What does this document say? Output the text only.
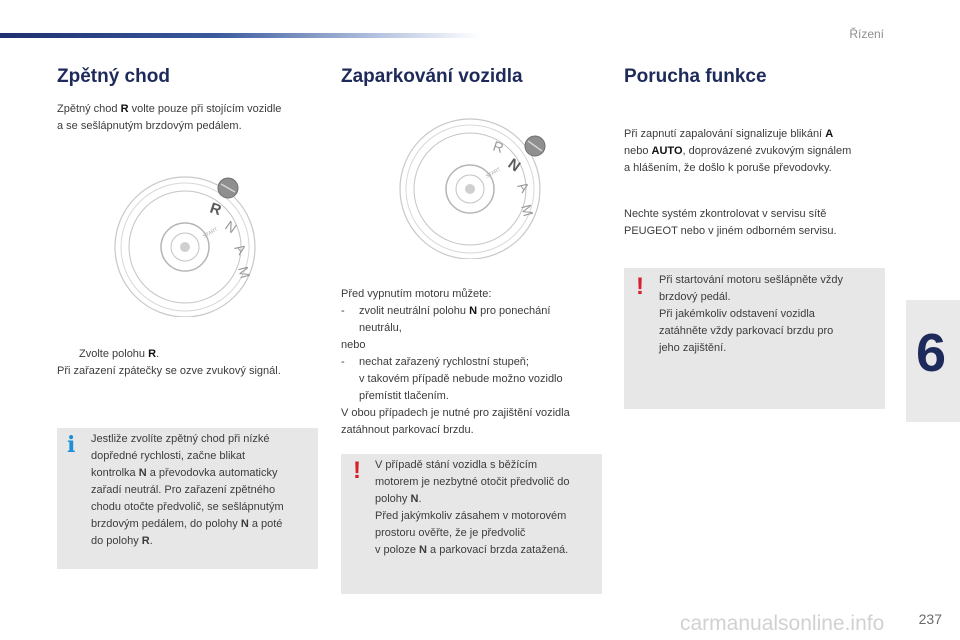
Řízení
6
Zpětný chod
Zpětný chod R volte pouze při stojícím vozidle
a se sešlápnutým brzdovým pedálem.
R
N
A
M
START
Zvolte polohu R.
Při zařazení zpátečky se ozve zvukový signál.
i Jestliže zvolíte zpětný chod při nízké
dopředné rychlosti, začne blikat
kontrolka N a převodovka automaticky
zařadí neutrál. Pro zařazení zpětného
chodu otočte předvolič, se sešlápnutým
brzdovým pedálem, do polohy N a poté
do polohy R.
Zaparkování vozidla
R
N
A
M
START
Před vypnutím motoru můžete:
-	zvolit neutrální polohu N pro ponechání
neutrálu,
nebo
-	nechat zařazený rychlostní stupeň;
v takovém případě nebude možno vozidlo
přemístit tlačením.
V obou případech je nutné pro zajištění vozidla
zatáhnout parkovací brzdu.
! V případě stání vozidla s běžícím
motorem je nezbytné otočit předvolič do
polohy N.
Před jakýmkoliv zásahem v motorovém
prostoru ověřte, že je předvolič
v poloze N a parkovací brzda zatažená.
Porucha funkce
Při zapnutí zapalování signalizuje blikání A
nebo AUTO, doprovázené zvukovým signálem
a hlášením, že došlo k poruše převodovky.
Nechte systém zkontrolovat v servisu sítě
PEUGEOT nebo v jiném odborném servisu.
! Při startování motoru sešlápněte vždy
brzdový pedál.
Při jakémkoliv odstavení vozidla
zatáhněte vždy parkovací brzdu pro
jeho zajištění.
carmanualsonline.info 237
